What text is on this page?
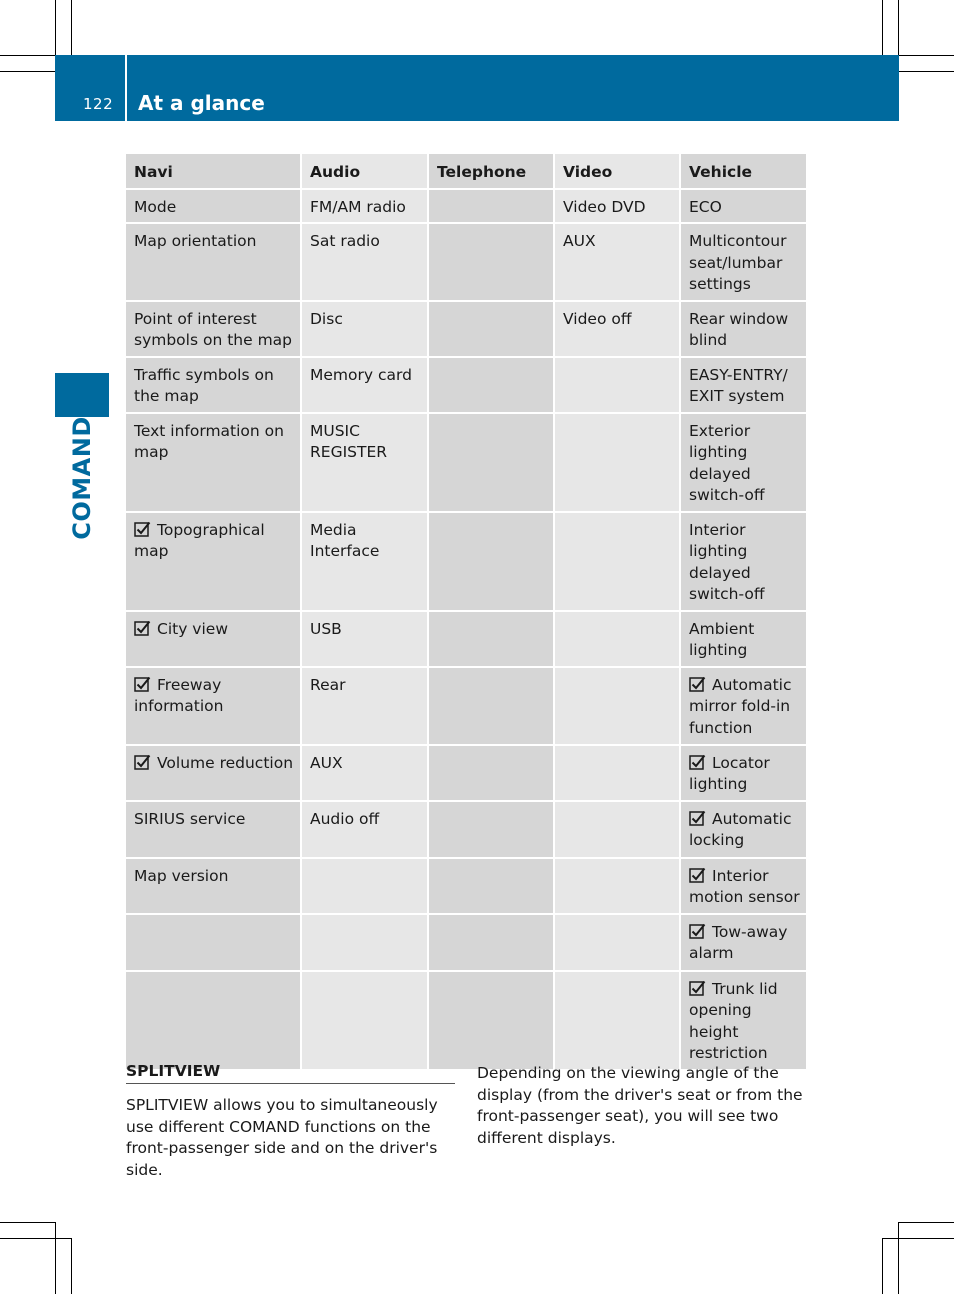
122 At a glance
COMAND
Navi	Audio	Telephone	Video	Vehicle
Mode	FM/AM radio		Video DVD	ECO
Map orientation	Sat radio		AUX	Multicontour seat/lumbar settings
Point of interest symbols on the map	Disc		Video off	Rear window blind
Traffic symbols on the map	Memory card			EASY-ENTRY/ EXIT system
Text information on map	MUSIC REGISTER			Exterior lighting delayed switch-off
Topographical map	Media Interface			Interior lighting delayed switch-off
City view	USB			Ambient lighting
Freeway information	Rear			Automatic mirror fold-in function
Volume reduction	AUX			Locator lighting
SIRIUS service	Audio off			Automatic locking
Map version				Interior motion sensor
				Tow-away alarm
				Trunk lid opening height restriction
SPLITVIEW
SPLITVIEW allows you to simultaneously use different COMAND functions on the front-passenger side and on the driver's side.
Depending on the viewing angle of the display (from the driver's seat or from the front-passenger seat), you will see two different displays.
